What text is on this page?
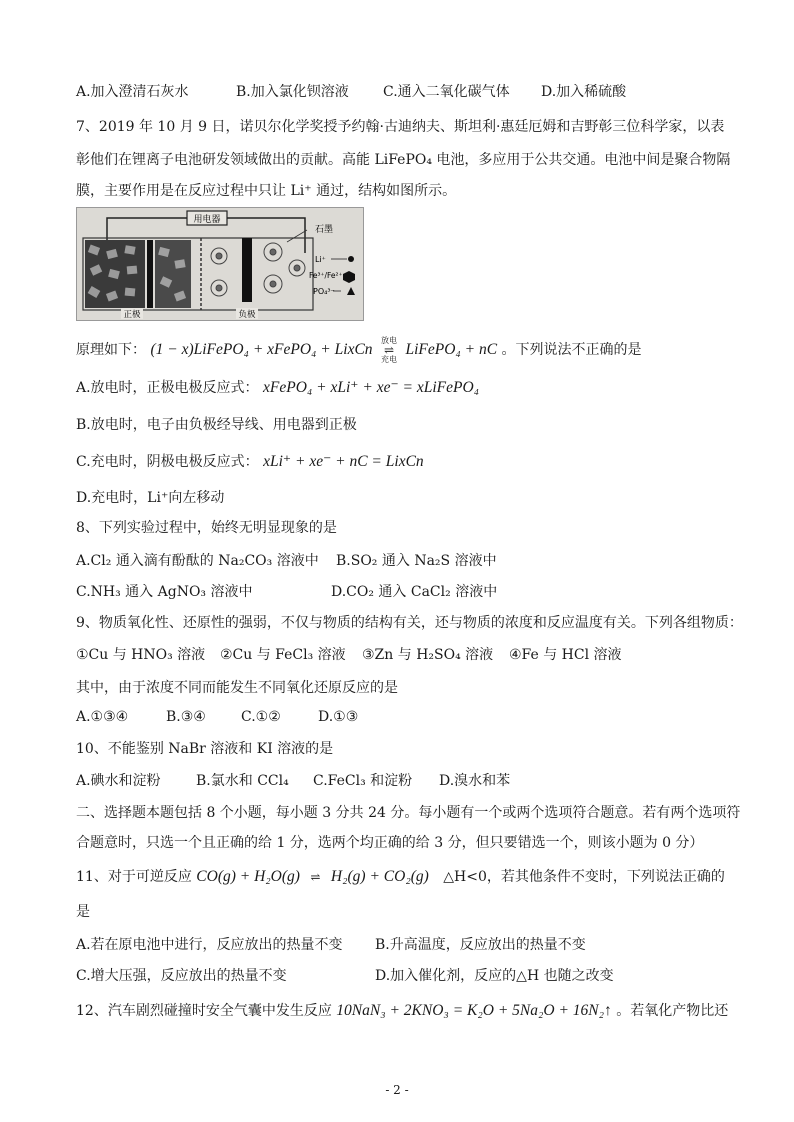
A.加入澄清石灰水	B.加入氯化钡溶液 C.通入二氧化碳气体 D.加入稀硫酸
7、2019 年 10 月 9 日，诺贝尔化学奖授予约翰·古迪纳夫、斯坦利·惠廷厄姆和吉野彰三位科学家，以表
彰他们在锂离子电池研发领域做出的贡献。高能 LiFePO₄ 电池，多应用于公共交通。电池中间是聚合物隔
膜，主要作用是在反应过程中只让 Li⁺ 通过，结构如图所示。
用电器
石墨
Li⁺
Fe³⁺/Fe²⁺
PO₄³⁻
正极	负极
原理如下： (1 − x)LiFePO₄ + xFePO₄ + LixCn
放电
⇌
充电
LiFePO₄ + nC 。下列说法不正确的是
A.放电时，正极电极反应式： xFePO₄ + xLi⁺ + xe⁻ = xLiFePO₄
B.放电时，电子由负极经导线、用电器到正极
C.充电时，阴极电极反应式： xLi⁺ + xe⁻ + nC = LixCn
D.充电时，Li⁺向左移动
8、下列实验过程中，始终无明显现象的是
A.Cl₂ 通入滴有酚酞的 Na₂CO₃ 溶液中 B.SO₂ 通入 Na₂S 溶液中
C.NH₃ 通入 AgNO₃ 溶液中	D.CO₂ 通入 CaCl₂ 溶液中
9、物质氧化性、还原性的强弱，不仅与物质的结构有关，还与物质的浓度和反应温度有关。下列各组物质：
①Cu 与 HNO₃ 溶液 ②Cu 与 FeCl₃ 溶液 ③Zn 与 H₂SO₄ 溶液 ④Fe 与 HCl 溶液
其中，由于浓度不同而能发生不同氧化还原反应的是
A.①③④	B.③④	C.①②	D.①③
10、不能鉴别 NaBr 溶液和 KI 溶液的是
A.碘水和淀粉	B.氯水和 CCl₄ C.FeCl₃ 和淀粉 D.溴水和苯
二、选择题本题包括 8 个小题，每小题 3 分共 24 分。每小题有一个或两个选项符合题意。若有两个选项符
合题意时，只选一个且正确的给 1 分，选两个均正确的给 3 分，但只要错选一个，则该小题为 0 分）
11、对于可逆反应 CO(g) + H₂O(g) ⇌ H₂(g) + CO₂(g) △H<0，若其他条件不变时，下列说法正确的
是
A.若在原电池中进行，反应放出的热量不变 B.升高温度，反应放出的热量不变
C.增大压强，反应放出的热量不变	D.加入催化剂，反应的△H 也随之改变
12、汽车剧烈碰撞时安全气囊中发生反应 10NaN₃ + 2KNO₃ = K₂O + 5Na₂O + 16N₂↑ 。若氧化产物比还
- 2 -
